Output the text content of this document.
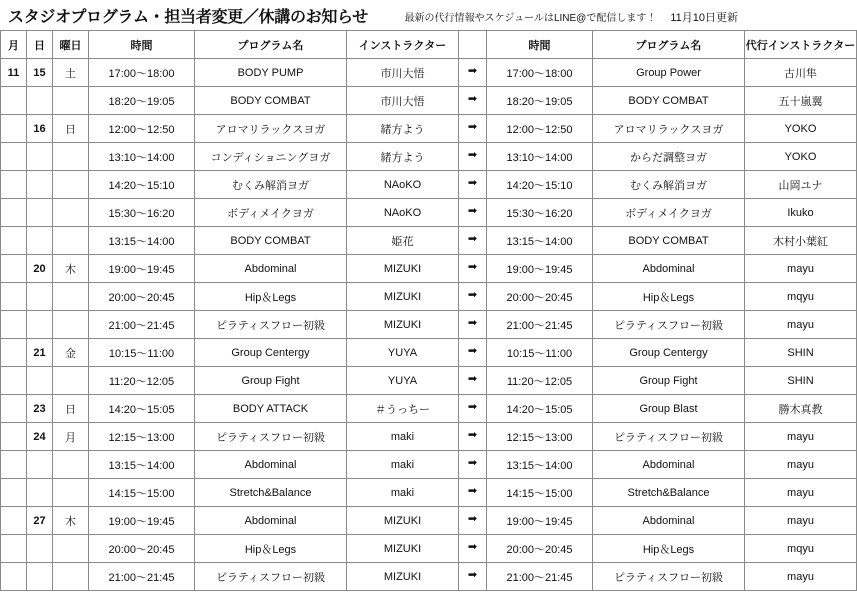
スタジオプログラム・担当者変更／休講のお知らせ	最新の代行情報やスケジュールはLINE@で配信します！ 11月10日更新
月	日	曜日	時間	プログラム名	インストラクター		時間	プログラム名	代行インストラクター
11	15	土	17:00～18:00	BODY PUMP	市川大悟	➡	17:00～18:00	Group Power	古川隼
			18:20～19:05	BODY COMBAT	市川大悟	➡	18:20～19:05	BODY COMBAT	五十嵐翼
	16	日	12:00～12:50	アロマリラックスヨガ	緒方よう	➡	12:00～12:50	アロマリラックスヨガ	YOKO
			13:10～14:00	コンディショニングヨガ	緒方よう	➡	13:10～14:00	からだ調整ヨガ	YOKO
			14:20～15:10	むくみ解消ヨガ	NAoKO	➡	14:20～15:10	むくみ解消ヨガ	山岡ユナ
			15:30～16:20	ボディメイクヨガ	NAoKO	➡	15:30～16:20	ボディメイクヨガ	Ikuko
			13:15～14:00	BODY COMBAT	姫花	➡	13:15～14:00	BODY COMBAT	木村小葉紅
	20	木	19:00～19:45	Abdominal	MIZUKI	➡	19:00～19:45	Abdominal	mayu
			20:00～20:45	Hip＆Legs	MIZUKI	➡	20:00～20:45	Hip＆Legs	mqyu
			21:00～21:45	ピラティスフロー初級	MIZUKI	➡	21:00～21:45	ピラティスフロー初級	mayu
	21	金	10:15～11:00	Group Centergy	YUYA	➡	10:15～11:00	Group Centergy	SHIN
			11:20～12:05	Group Fight	YUYA	➡	11:20～12:05	Group Fight	SHIN
	23	日	14:20～15:05	BODY ATTACK	＃うっちー	➡	14:20～15:05	Group Blast	勝木真教
	24	月	12:15～13:00	ピラティスフロー初級	maki	➡	12:15～13:00	ピラティスフロー初級	mayu
			13:15～14:00	Abdominal	maki	➡	13:15～14:00	Abdominal	mayu
			14:15～15:00	Stretch&Balance	maki	➡	14:15～15:00	Stretch&Balance	mayu
	27	木	19:00～19:45	Abdominal	MIZUKI	➡	19:00～19:45	Abdominal	mayu
			20:00～20:45	Hip＆Legs	MIZUKI	➡	20:00～20:45	Hip＆Legs	mqyu
			21:00～21:45	ピラティスフロー初級	MIZUKI	➡	21:00～21:45	ピラティスフロー初級	mayu
